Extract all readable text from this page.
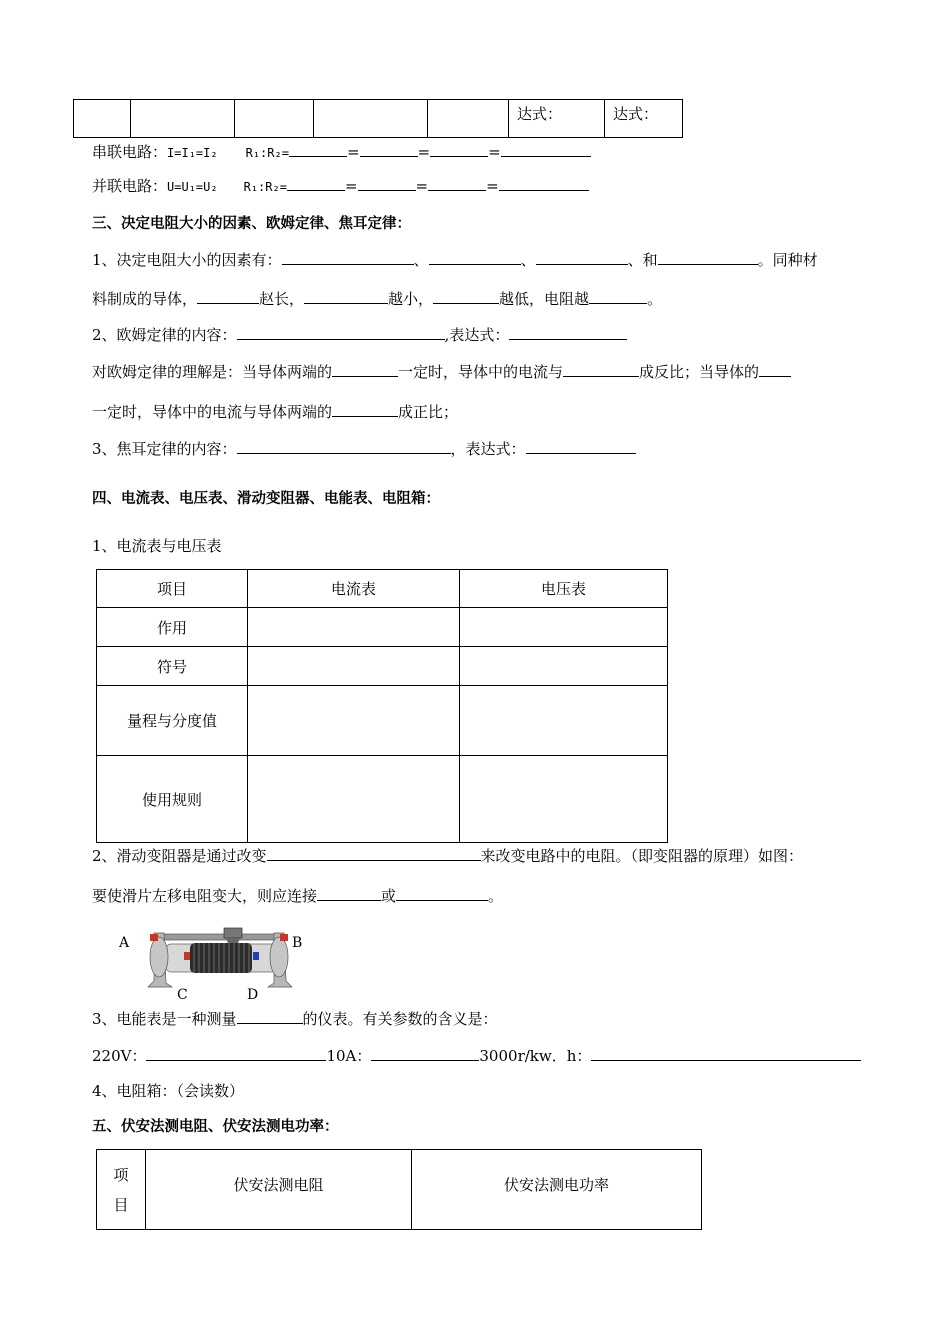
					达式：	达式：
串联电路：I=I₁=I₂ R₁:R₂=	=	=	=
并联电路：U=U₁=U₂ R₁:R₂=	=	=	=
三、决定电阻大小的因素、欧姆定律、焦耳定律：
1、决定电阻大小的因素有：	、	、	、和	。同种材
料制成的导体，	赵长，	越小，	越低，电阻越	。
2、欧姆定律的内容：	,表达式：
对欧姆定律的理解是：当导体两端的	一定时，导体中的电流与	成反比；当导体的
一定时，导体中的电流与导体两端的	成正比；
3、焦耳定律的内容：	，表达式：
四、电流表、电压表、滑动变阻器、电能表、电阻箱：
1、电流表与电压表
项目	电流表	电压表
作用		
符号		
量程与分度值		
使用规则		
2、滑动变阻器是通过改变	来改变电路中的电阻。（即变阻器的原理）如图：
要使滑片左移电阻变大，则应连接	或	。
A	B
C	D
3、电能表是一种测量	的仪表。有关参数的含义是：
220V：	10A：	3000r/kw．h：
4、电阻箱：（会读数）
五、伏安法测电阻、伏安法测电功率：
项
目
	伏安法测电阻	伏安法测电功率
